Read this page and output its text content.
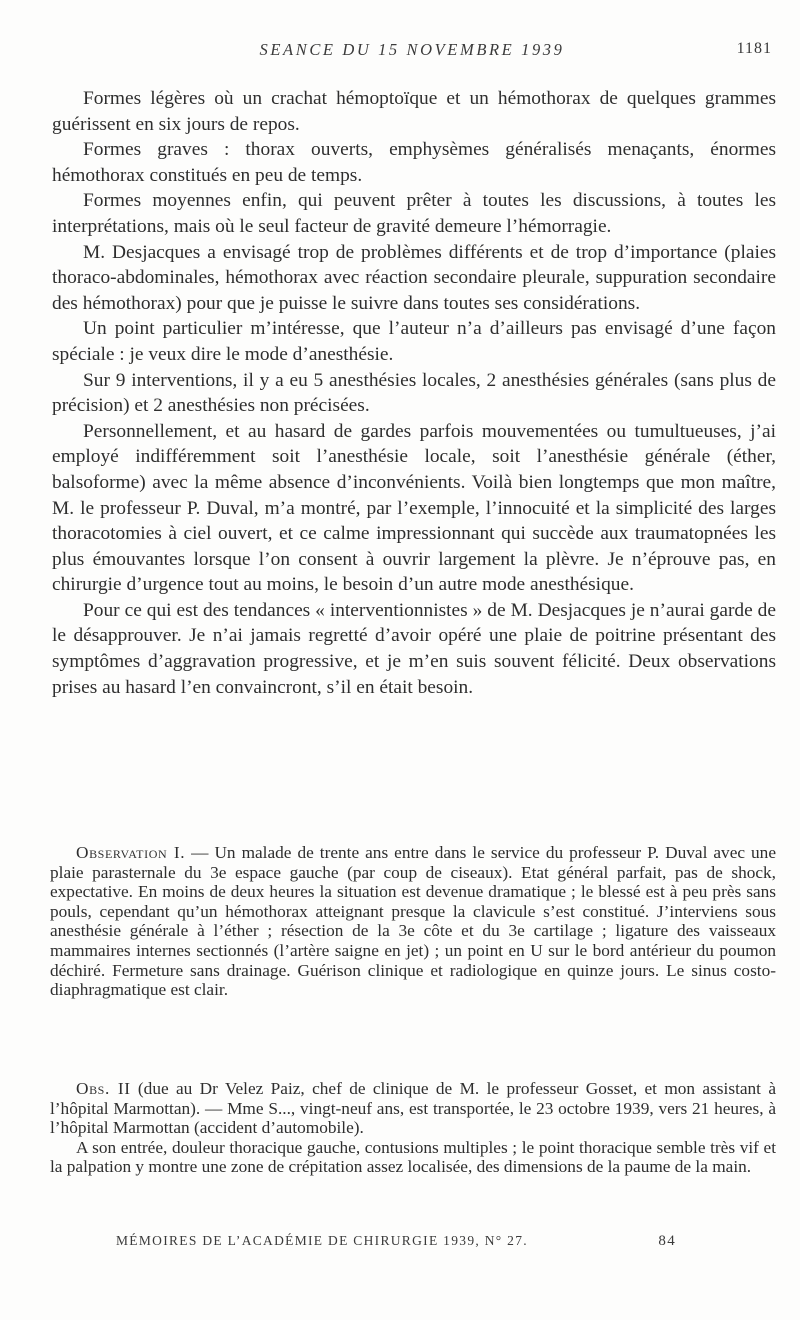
SEANCE DU 15 NOVEMBRE 1939	1181

Formes légères où un crachat hémoptoïque et un hémothorax de quelques grammes guérissent en six jours de repos.

Formes graves : thorax ouverts, emphysèmes généralisés menaçants, énormes hémothorax constitués en peu de temps.

Formes moyennes enfin, qui peuvent prêter à toutes les discussions, à toutes les interprétations, mais où le seul facteur de gravité demeure l’hémorragie.

M. Desjacques a envisagé trop de problèmes différents et de trop d’importance (plaies thoraco-abdominales, hémothorax avec réaction secondaire pleurale, suppuration secondaire des hémothorax) pour que je puisse le suivre dans toutes ses considérations.

Un point particulier m’intéresse, que l’auteur n’a d’ailleurs pas envisagé d’une façon spéciale : je veux dire le mode d’anesthésie.

Sur 9 interventions, il y a eu 5 anesthésies locales, 2 anesthésies générales (sans plus de précision) et 2 anesthésies non précisées.

Personnellement, et au hasard de gardes parfois mouvementées ou tumultueuses, j’ai employé indifféremment soit l’anesthésie locale, soit l’anesthésie générale (éther, balsoforme) avec la même absence d’inconvénients. Voilà bien longtemps que mon maître, M. le professeur P. Duval, m’a montré, par l’exemple, l’innocuité et la simplicité des larges thoracotomies à ciel ouvert, et ce calme impressionnant qui succède aux traumatopnées les plus émouvantes lorsque l’on consent à ouvrir largement la plèvre. Je n’éprouve pas, en chirurgie d’urgence tout au moins, le besoin d’un autre mode anesthésique.

Pour ce qui est des tendances « interventionnistes » de M. Desjacques je n’aurai garde de le désapprouver. Je n’ai jamais regretté d’avoir opéré une plaie de poitrine présentant des symptômes d’aggravation progressive, et je m’en suis souvent félicité. Deux observations prises au hasard l’en convaincront, s’il en était besoin.

Observation I. — Un malade de trente ans entre dans le service du professeur P. Duval avec une plaie parasternale du 3e espace gauche (par coup de ciseaux). Etat général parfait, pas de shock, expectative. En moins de deux heures la situation est devenue dramatique ; le blessé est à peu près sans pouls, cependant qu’un hémothorax atteignant presque la clavicule s’est constitué. J’interviens sous anesthésie générale à l’éther ; résection de la 3e côte et du 3e cartilage ; ligature des vaisseaux mammaires internes sectionnés (l’artère saigne en jet) ; un point en U sur le bord antérieur du poumon déchiré. Fermeture sans drainage. Guérison clinique et radiologique en quinze jours. Le sinus costo-diaphragmatique est clair.

Obs. II (due au Dr Velez Paiz, chef de clinique de M. le professeur Gosset, et mon assistant à l’hôpital Marmottan). — Mme S..., vingt-neuf ans, est transportée, le 23 octobre 1939, vers 21 heures, à l’hôpital Marmottan (accident d’automobile).

A son entrée, douleur thoracique gauche, contusions multiples ; le point thoracique semble très vif et la palpation y montre une zone de crépitation assez localisée, des dimensions de la paume de la main.

MÉMOIRES DE L’ACADÉMIE DE CHIRURGIE 1939, N° 27.	84
